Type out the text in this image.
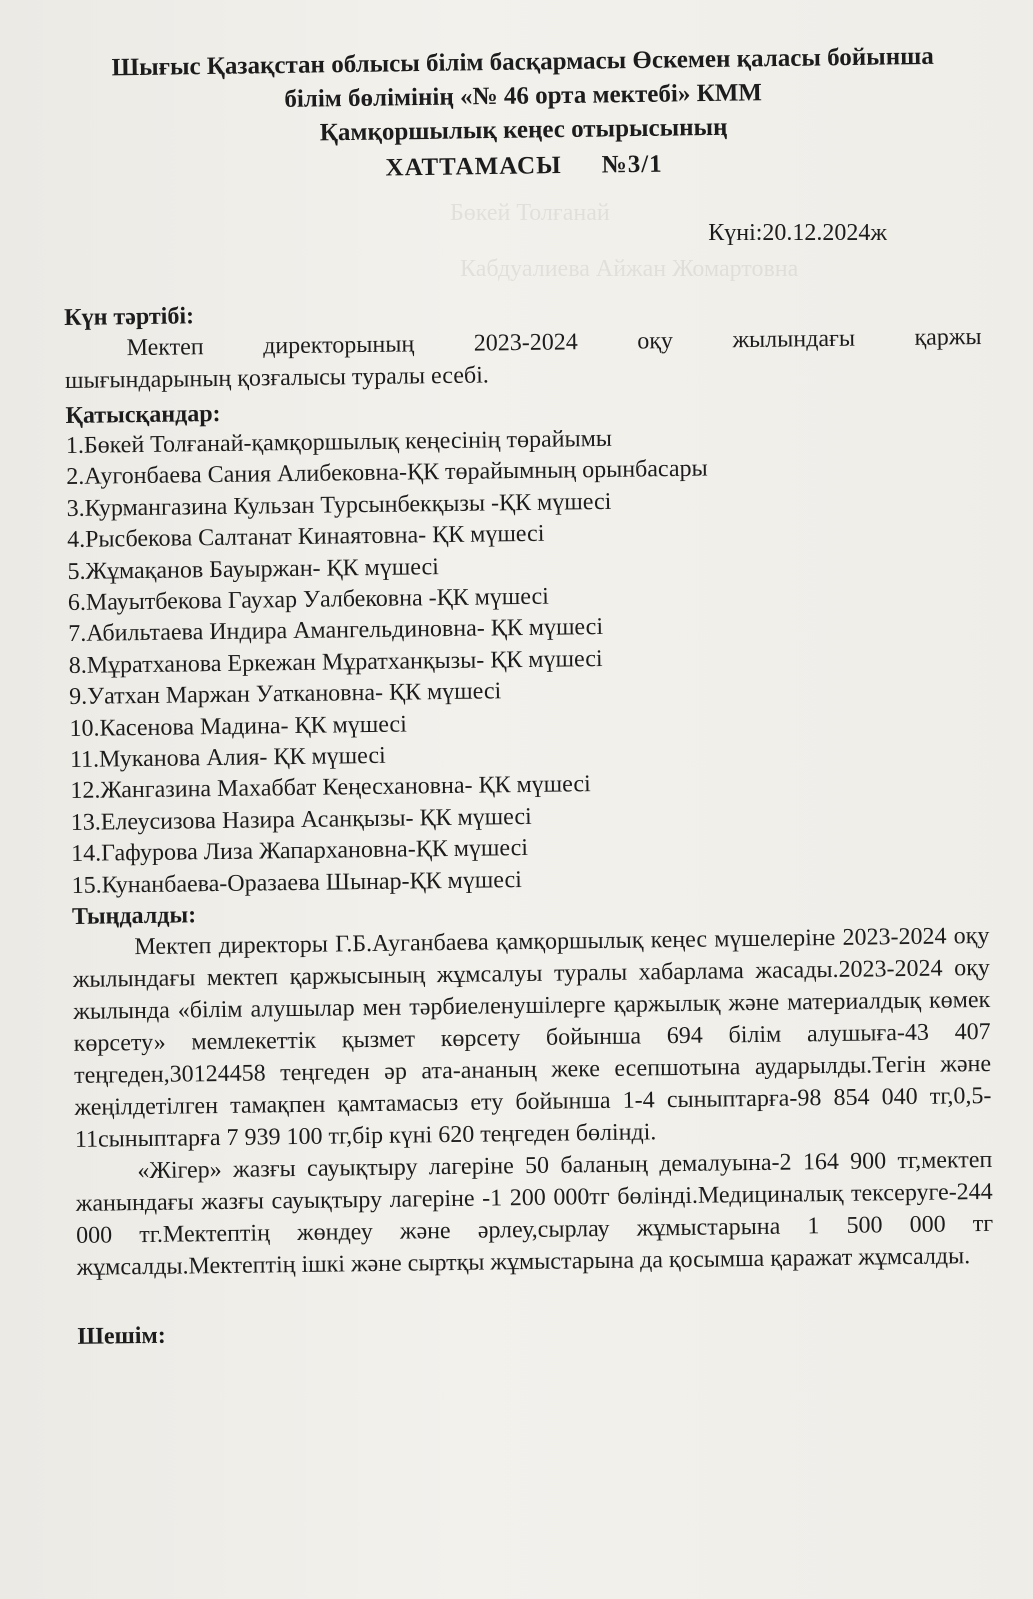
Бөкей Толғанай
Кабдуалиева Айжан Жомартовна
Шығыс Қазақстан облысы білім басқармасы Өскемен қаласы бойынша
білім бөлімінің «№ 46 орта мектебі» КММ
Қамқоршылық кеңес отырысының
ХАТТАМАСЫ №3/1
Күні:20.12.2024ж

Күн тәртібі:

Мектеп директорының 2023-2024 оқу жылындағы қаржы

шығындарының қозғалысы туралы есебі.

Қатысқандар:

1.Бөкей Толғанай-қамқоршылық кеңесінің төрайымы
2.Аугонбаева Сания Алибековна-ҚК төрайымның орынбасары
3.Курмангазина Кульзан Турсынбекқызы -ҚК мүшесі
4.Рысбекова Салтанат Кинаятовна- ҚК мүшесі
5.Жұмақанов Бауыржан- ҚК мүшесі
6.Мауытбекова Гаухар Уалбековна -ҚК мүшесі
7.Абильтаева Индира Амангельдиновна- ҚК мүшесі
8.Мұратханова Еркежан Мұратханқызы- ҚК мүшесі
9.Уатхан Маржан Уаткановна- ҚК мүшесі
10.Касенова Мадина- ҚК мүшесі
11.Муканова Алия- ҚК мүшесі
12.Жангазина Махаббат Кеңесхановна- ҚК мүшесі
13.Елеусизова Назира Асанқызы- ҚК мүшесі
14.Гафурова Лиза Жапархановна-ҚК мүшесі
15.Кунанбаева-Оразаева Шынар-ҚК мүшесі

Тыңдалды:

Мектеп директоры Г.Б.Ауганбаева қамқоршылық кеңес мүшелеріне 2023-2024 оқу жылындағы мектеп қаржысының жұмсалуы туралы хабарлама жасады.2023-2024 оқу жылында «білім алушылар мен тәрбиеленушілерге қаржылық және материалдық көмек көрсету» мемлекеттік қызмет көрсету бойынша 694 білім алушыға-43 407 теңгеден,30124458 теңгеден әр ата-ананың жеке есепшотына аударылды.Тегін және жеңілдетілген тамақпен қамтамасыз ету бойынша 1-4 сыныптарға-98 854 040 тг,0,5-11сыныптарға 7 939 100 тг,бір күні 620 теңгеден бөлінді.

«Жігер» жазғы сауықтыру лагеріне 50 баланың демалуына-2 164 900 тг,мектеп жанындағы жазғы сауықтыру лагеріне -1 200 000тг бөлінді.Медициналық тексеруге-244 000 тг.Мектептің жөндеу және әрлеу,сырлау жұмыстарына 1 500 000 тг жұмсалды.Мектептің ішкі және сыртқы жұмыстарына да қосымша қаражат жұмсалды.

Шешім:
